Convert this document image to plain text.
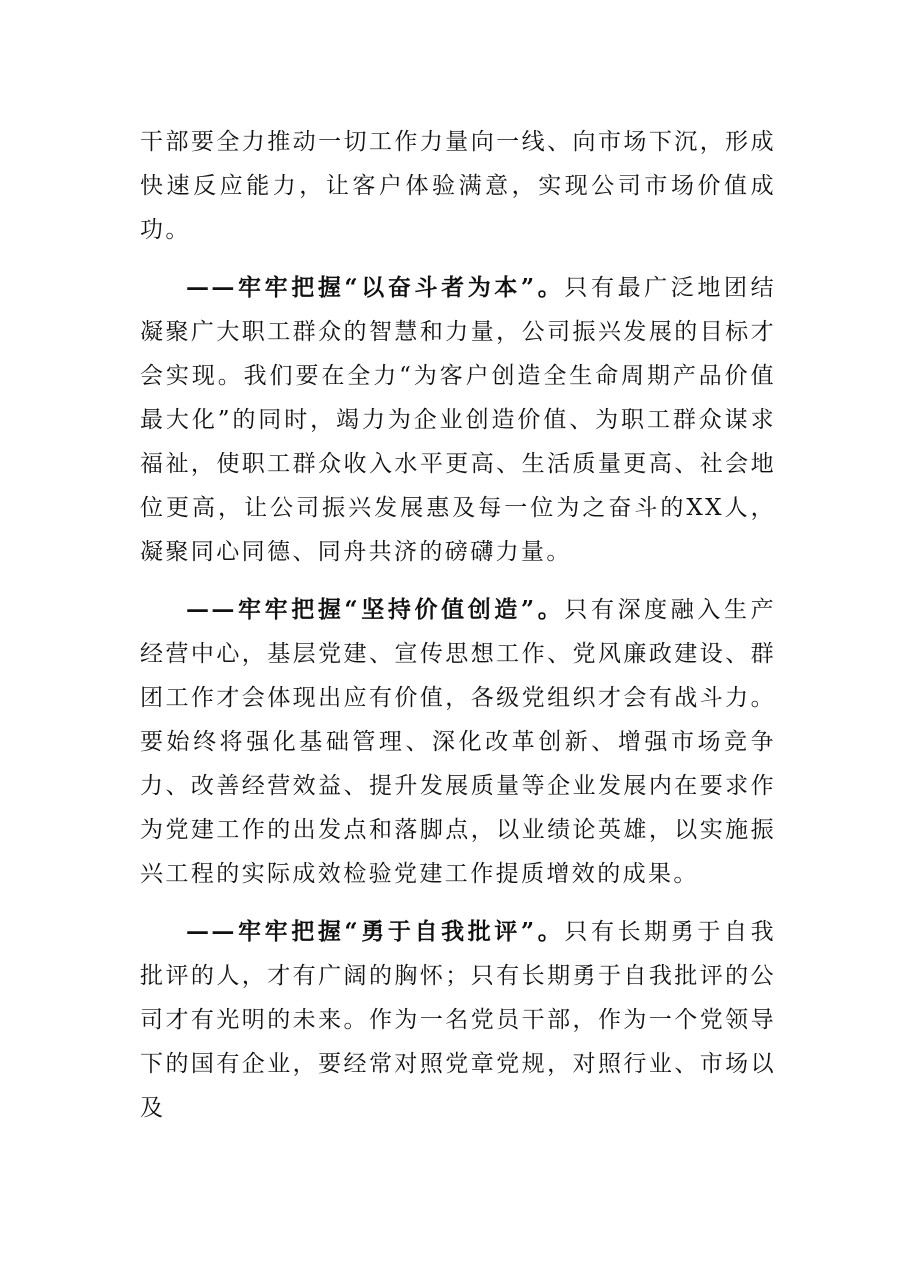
干部要全力推动一切工作力量向一线、向市场下沉，形成快速反应能力，让客户体验满意，实现公司市场价值成功。

——牢牢把握“以奋斗者为本”。只有最广泛地团结凝聚广大职工群众的智慧和力量，公司振兴发展的目标才会实现。我们要在全力“为客户创造全生命周期产品价值最大化”的同时，竭力为企业创造价值、为职工群众谋求福祉，使职工群众收入水平更高、生活质量更高、社会地位更高，让公司振兴发展惠及每一位为之奋斗的XX人，凝聚同心同德、同舟共济的磅礴力量。

——牢牢把握“坚持价值创造”。只有深度融入生产经营中心，基层党建、宣传思想工作、党风廉政建设、群团工作才会体现出应有价值，各级党组织才会有战斗力。要始终将强化基础管理、深化改革创新、增强市场竞争力、改善经营效益、提升发展质量等企业发展内在要求作为党建工作的出发点和落脚点，以业绩论英雄，以实施振兴工程的实际成效检验党建工作提质增效的成果。

——牢牢把握“勇于自我批评”。只有长期勇于自我批评的人，才有广阔的胸怀；只有长期勇于自我批评的公司才有光明的未来。作为一名党员干部，作为一个党领导下的国有企业，要经常对照党章党规，对照行业、市场以及
